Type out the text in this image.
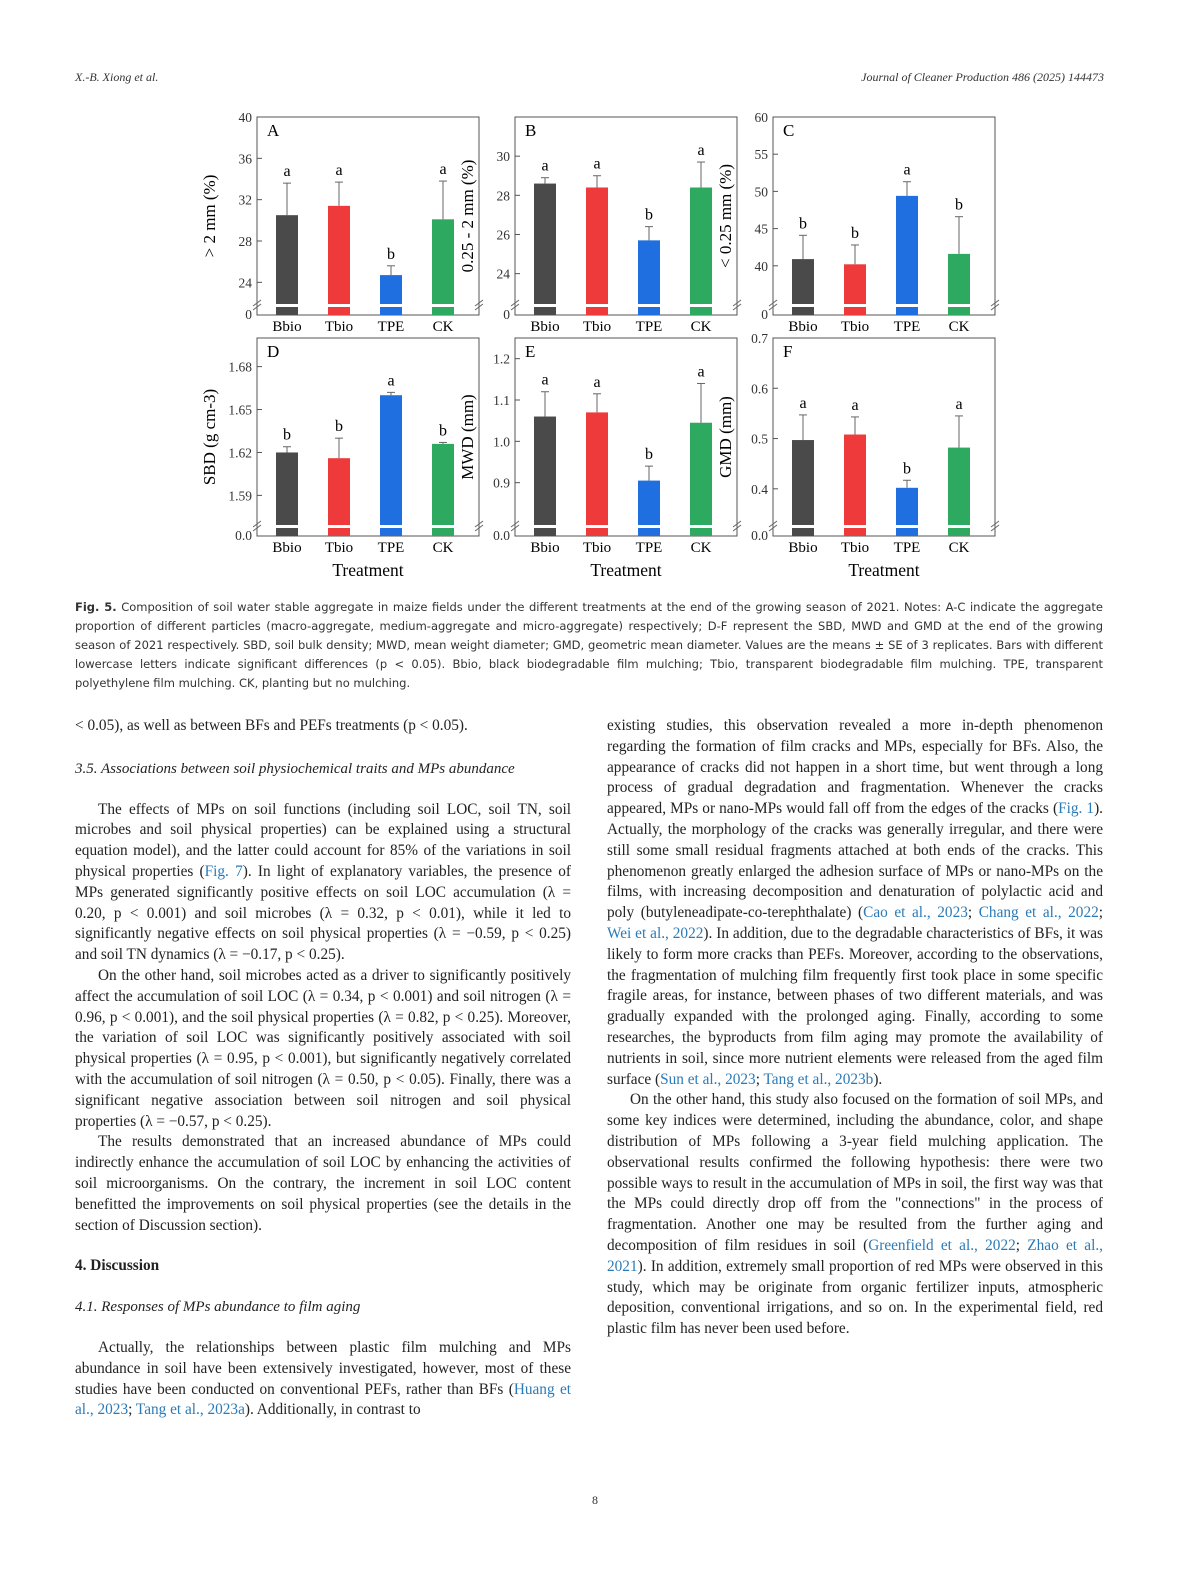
X.-B. Xiong et al.	Journal of Cleaner Production 486 (2025) 144473
A
40
36
32
28
24
0
> 2 mm (%)
a
Bbio
a
Tbio
b
TPE
a
CK
B
30
28
26
24
0
0.25 - 2 mm (%)	a
Bbio
a
Tbio
b
TPE
a
CK
C
60
55
50
45
40
0
< 0.25 mm (%)	b
Bbio
b
Tbio
a
TPE
b
CK
D
1.68
1.65
1.62
1.59
0.0
SBD (g cm-3)	b
Bbio
b
Tbio
a
TPE
b
CK
Treatment
E
1.2
1.1
1.0
0.9
0.0
MWD (mm)
a
Bbio
a
Tbio
b
TPE
a
CK
Treatment
F
0.7
0.6
0.5
0.4
0.0
GMD (mm)	a
Bbio
a
Tbio
b
TPE
a
CK
Treatment
Fig. 5. Composition of soil water stable aggregate in maize fields under the different treatments at the end of the growing season of 2021. Notes: A-C indicate the aggregate proportion of different particles (macro-aggregate, medium-aggregate and micro-aggregate) respectively; D-F represent the SBD, MWD and GMD at the end of the growing season of 2021 respectively. SBD, soil bulk density; MWD, mean weight diameter; GMD, geometric mean diameter. Values are the means ± SE of 3 replicates. Bars with different lowercase letters indicate significant differences (p < 0.05). Bbio, black biodegradable film mulching; Tbio, transparent biodegradable film mulching. TPE, transparent polyethylene film mulching. CK, planting but no mulching.

< 0.05), as well as between BFs and PEFs treatments (p < 0.05).

3.5. Associations between soil physiochemical traits and MPs abundance

The effects of MPs on soil functions (including soil LOC, soil TN, soil microbes and soil physical properties) can be explained using a structural equation model), and the latter could account for 85% of the variations in soil physical properties (Fig. 7). In light of explanatory variables, the presence of MPs generated significantly positive effects on soil LOC accumulation (λ = 0.20, p < 0.001) and soil microbes (λ = 0.32, p < 0.01), while it led to significantly negative effects on soil physical properties (λ = −0.59, p < 0.25) and soil TN dynamics (λ = −0.17, p < 0.25).

On the other hand, soil microbes acted as a driver to significantly positively affect the accumulation of soil LOC (λ = 0.34, p < 0.001) and soil nitrogen (λ = 0.96, p < 0.001), and the soil physical properties (λ = 0.82, p < 0.25). Moreover, the variation of soil LOC was significantly positively associated with soil physical properties (λ = 0.95, p < 0.001), but significantly negatively correlated with the accumulation of soil nitrogen (λ = 0.50, p < 0.05). Finally, there was a significant negative association between soil nitrogen and soil physical properties (λ = −0.57, p < 0.25).

The results demonstrated that an increased abundance of MPs could indirectly enhance the accumulation of soil LOC by enhancing the activities of soil microorganisms. On the contrary, the increment in soil LOC content benefitted the improvements on soil physical properties (see the details in the section of Discussion section).

4. Discussion
4.1. Responses of MPs abundance to film aging

Actually, the relationships between plastic film mulching and MPs abundance in soil have been extensively investigated, however, most of these studies have been conducted on conventional PEFs, rather than BFs (Huang et al., 2023; Tang et al., 2023a). Additionally, in contrast to

existing studies, this observation revealed a more in-depth phenomenon regarding the formation of film cracks and MPs, especially for BFs. Also, the appearance of cracks did not happen in a short time, but went through a long process of gradual degradation and fragmentation. Whenever the cracks appeared, MPs or nano-MPs would fall off from the edges of the cracks (Fig. 1). Actually, the morphology of the cracks was generally irregular, and there were still some small residual fragments attached at both ends of the cracks. This phenomenon greatly enlarged the adhesion surface of MPs or nano-MPs on the films, with increasing decomposition and denaturation of polylactic acid and poly (butyleneadipate-co-terephthalate) (Cao et al., 2023; Chang et al., 2022; Wei et al., 2022). In addition, due to the degradable characteristics of BFs, it was likely to form more cracks than PEFs. Moreover, according to the observations, the fragmentation of mulching film frequently first took place in some specific fragile areas, for instance, between phases of two different materials, and was gradually expanded with the prolonged aging. Finally, according to some researches, the byproducts from film aging may promote the availability of nutrients in soil, since more nutrient elements were released from the aged film surface (Sun et al., 2023; Tang et al., 2023b).

On the other hand, this study also focused on the formation of soil MPs, and some key indices were determined, including the abundance, color, and shape distribution of MPs following a 3-year field mulching application. The observational results confirmed the following hypothesis: there were two possible ways to result in the accumulation of MPs in soil, the first way was that the MPs could directly drop off from the "connections" in the process of fragmentation. Another one may be resulted from the further aging and decomposition of film residues in soil (Greenfield et al., 2022; Zhao et al., 2021). In addition, extremely small proportion of red MPs were observed in this study, which may be originate from organic fertilizer inputs, atmospheric deposition, conventional irrigations, and so on. In the experimental field, red plastic film has never been used before.

8
